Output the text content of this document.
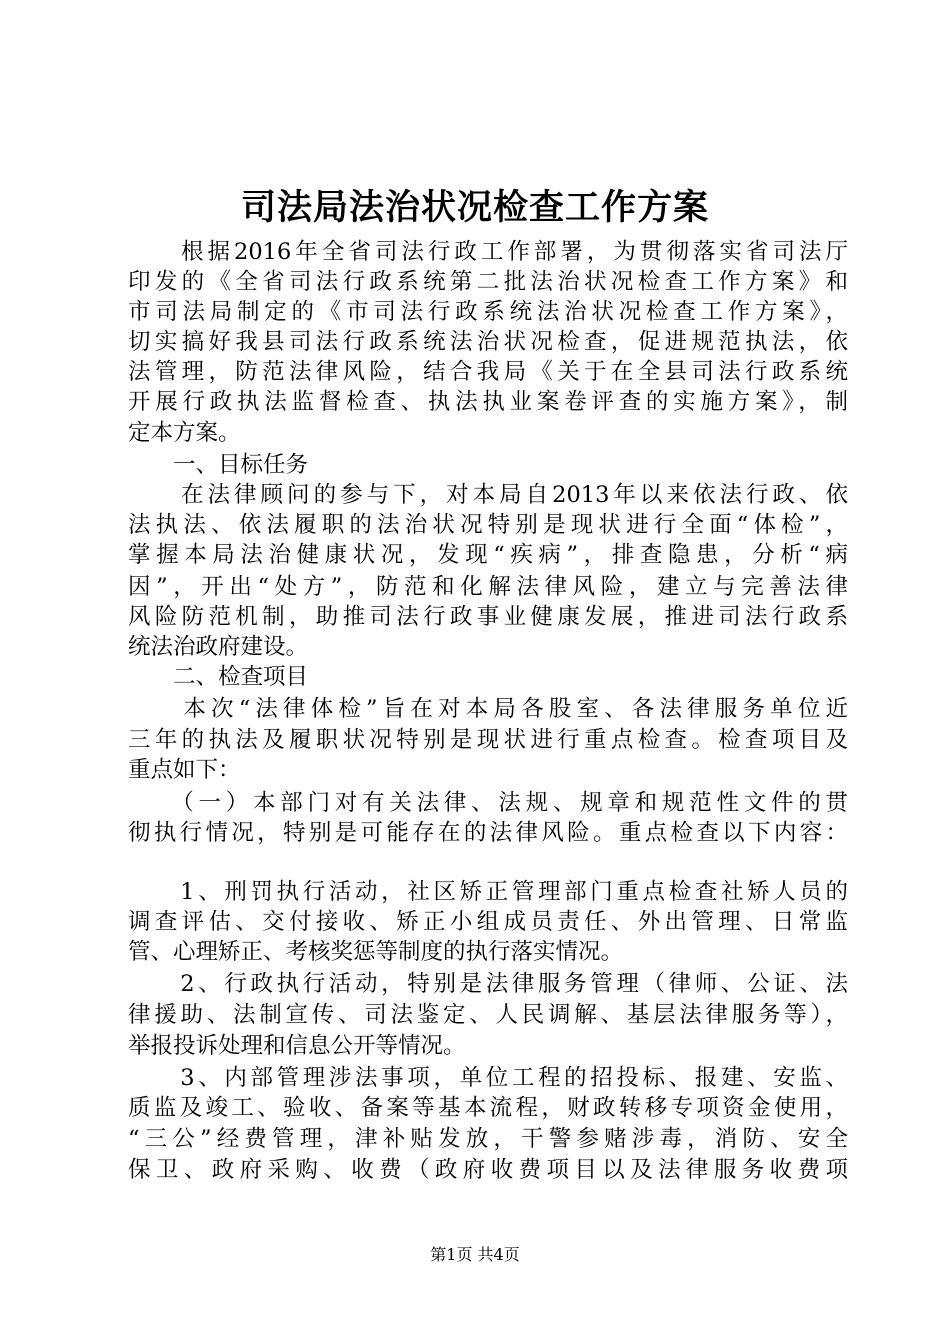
司法局法治状况检查工作方案
　　根据2016年全省司法行政工作部署，为贯彻落实省司法厅
印发的《全省司法行政系统第二批法治状况检查工作方案》和
市司法局制定的《市司法行政系统法治状况检查工作方案》，
切实搞好我县司法行政系统法治状况检查，促进规范执法，依
法管理，防范法律风险，结合我局《关于在全县司法行政系统
开展行政执法监督检查、执法执业案卷评查的实施方案》，制
定本方案。
　　一、目标任务
　　在法律顾问的参与下，对本局自2013年以来依法行政、依
法执法、依法履职的法治状况特别是现状进行全面“体检”，
掌握本局法治健康状况，发现“疾病”，排查隐患，分析“病
因”，开出“处方”，防范和化解法律风险，建立与完善法律
风险防范机制，助推司法行政事业健康发展，推进司法行政系
统法治政府建设。
　　二、检查项目
　　本次“法律体检”旨在对本局各股室、各法律服务单位近
三年的执法及履职状况特别是现状进行重点检查。检查项目及
重点如下：
　　（一）本部门对有关法律、法规、规章和规范性文件的贯
彻执行情况，特别是可能存在的法律风险。重点检查以下内容：
　　1、刑罚执行活动，社区矫正管理部门重点检查社矫人员的
调查评估、交付接收、矫正小组成员责任、外出管理、日常监
管、心理矫正、考核奖惩等制度的执行落实情况。
　　2、行政执行活动，特别是法律服务管理（律师、公证、法
律援助、法制宣传、司法鉴定、人民调解、基层法律服务等），
举报投诉处理和信息公开等情况。
　　3、内部管理涉法事项，单位工程的招投标、报建、安监、
质监及竣工、验收、备案等基本流程，财政转移专项资金使用，
“三公”经费管理，津补贴发放，干警参赌涉毒，消防、安全
保卫、政府采购、收费（政府收费项目以及法律服务收费项
第1页 共4页
